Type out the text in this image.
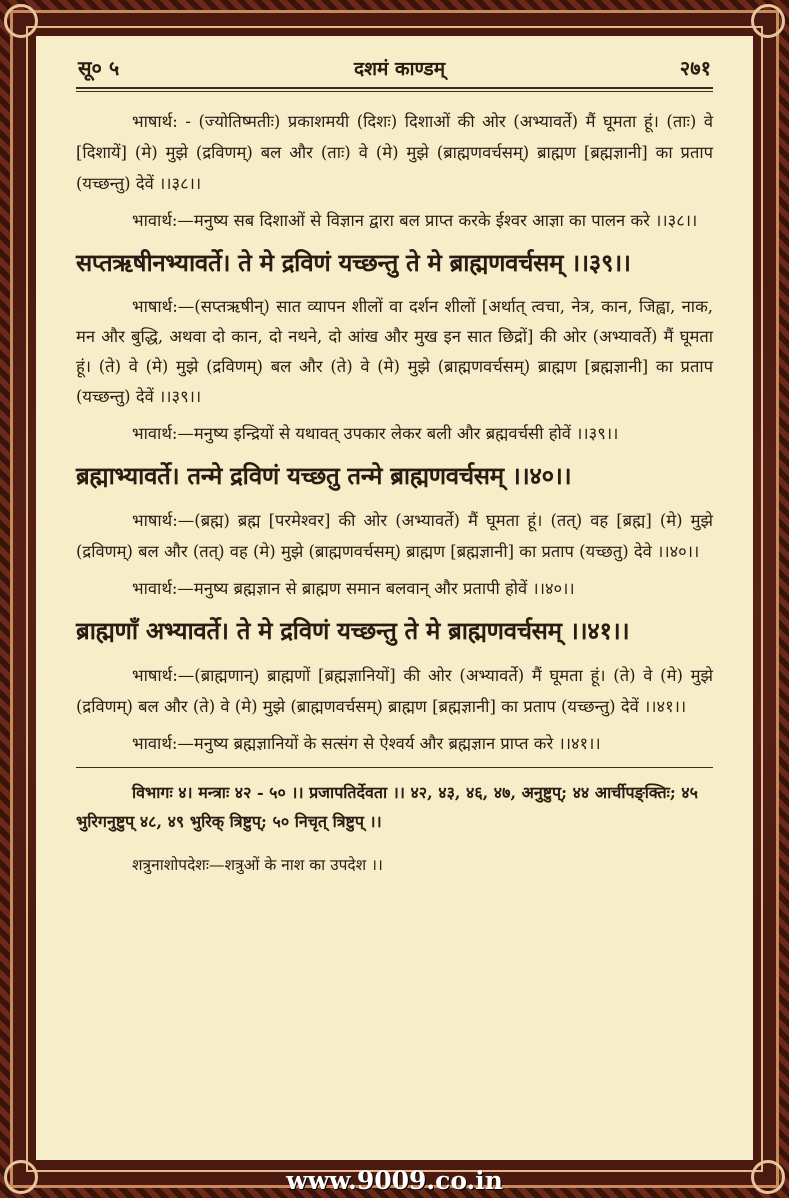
सू० ५	दशमं काण्डम्	२७१

भाषार्थ: - (ज्योतिष्मतीः) प्रकाशमयी (दिशः) दिशाओं की ओर (अभ्यावर्ते) मैं घूमता हूं। (ताः) वे [दिशायें] (मे) मुझे (द्रविणम्) बल और (ताः) वे (मे) मुझे (ब्राह्मणवर्चसम्) ब्राह्मण [ब्रह्मज्ञानी] का प्रताप (यच्छन्तु) देवें ।।३८।।

भावार्थ:—मनुष्य सब दिशाओं से विज्ञान द्वारा बल प्राप्त करके ईश्वर आज्ञा का पालन करे ।।३८।।

सप्तऋषीनभ्यावर्ते। ते मे द्रविणं यच्छन्तु ते मे ब्राह्मणवर्चसम् ।।३९।।

भाषार्थ:—(सप्तऋषीन्) सात व्यापन शीलों वा दर्शन शीलों [अर्थात् त्वचा, नेत्र, कान, जिह्वा, नाक, मन और बुद्धि, अथवा दो कान, दो नथने, दो आंख और मुख इन सात छिद्रों] की ओर (अभ्यावर्ते) मैं घूमता हूं। (ते) वे (मे) मुझे (द्रविणम्) बल और (ते) वे (मे) मुझे (ब्राह्मणवर्चसम्) ब्राह्मण [ब्रह्मज्ञानी] का प्रताप (यच्छन्तु) देवें ।।३९।।

भावार्थ:—मनुष्य इन्द्रियों से यथावत् उपकार लेकर बली और ब्रह्मवर्चसी होवें ।।३९।।

ब्रह्माभ्यावर्ते। तन्मे द्रविणं यच्छतु तन्मे ब्राह्मणवर्चसम् ।।४०।।

भाषार्थ:—(ब्रह्म) ब्रह्म [परमेश्वर] की ओर (अभ्यावर्ते) मैं घूमता हूं। (तत्) वह [ब्रह्म] (मे) मुझे (द्रविणम्) बल और (तत्) वह (मे) मुझे (ब्राह्मणवर्चसम्) ब्राह्मण [ब्रह्मज्ञानी] का प्रताप (यच्छतु) देवे ।।४०।।

भावार्थ:—मनुष्य ब्रह्मज्ञान से ब्राह्मण समान बलवान् और प्रतापी होवें ।।४०।।

ब्राह्मणाँ अभ्यावर्ते। ते मे द्रविणं यच्छन्तु ते मे ब्राह्मणवर्चसम् ।।४१।।

भाषार्थ:—(ब्राह्मणान्) ब्राह्मणों [ब्रह्मज्ञानियों] की ओर (अभ्यावर्ते) मैं घूमता हूं। (ते) वे (मे) मुझे (द्रविणम्) बल और (ते) वे (मे) मुझे (ब्राह्मणवर्चसम्) ब्राह्मण [ब्रह्मज्ञानी] का प्रताप (यच्छन्तु) देवें ।।४१।।

भावार्थ:—मनुष्य ब्रह्मज्ञानियों के सत्संग से ऐश्वर्य और ब्रह्मज्ञान प्राप्त करे ।।४१।।

विभागः ४। मन्त्राः ४२ - ५० ।। प्रजापतिर्देवता ।। ४२, ४३, ४६, ४७, अनुष्टुप्; ४४ आर्चीपङ्क्तिः; ४५ भुरिगनुष्टुप् ४८, ४९ भुरिक् त्रिष्टुप्; ५० निचृत् त्रिष्टुप् ।।

शत्रुनाशोपदेशः—शत्रुओं के नाश का उपदेश ।।

www.9009.co.in
